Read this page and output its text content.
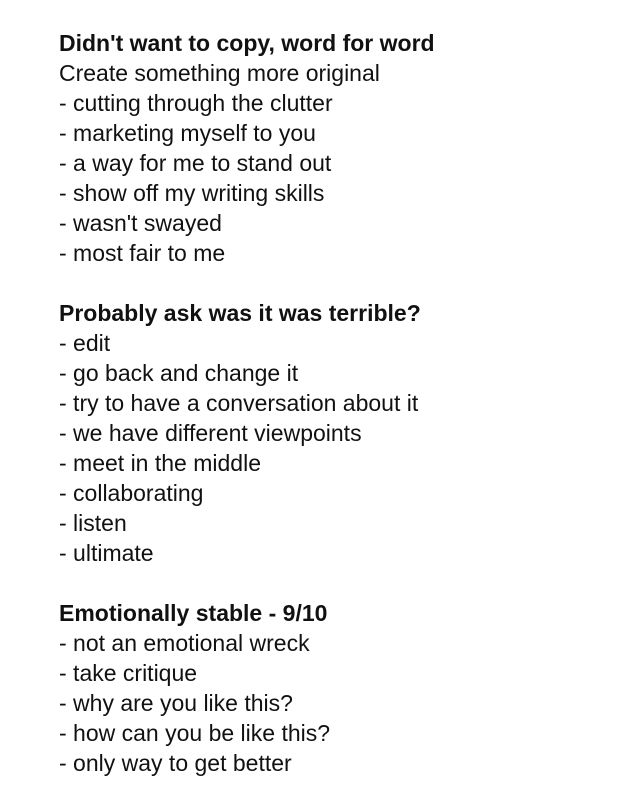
Didn't want to copy, word for word
Create something more original
- cutting through the clutter
- marketing myself to you
- a way for me to stand out
- show off my writing skills
- wasn't swayed
- most fair to me
Probably ask was it was terrible?
- edit
- go back and change it
- try to have a conversation about it
- we have different viewpoints
- meet in the middle
- collaborating
- listen
- ultimate
Emotionally stable - 9/10
- not an emotional wreck
- take critique
- why are you like this?
- how can you be like this?
- only way to get better
